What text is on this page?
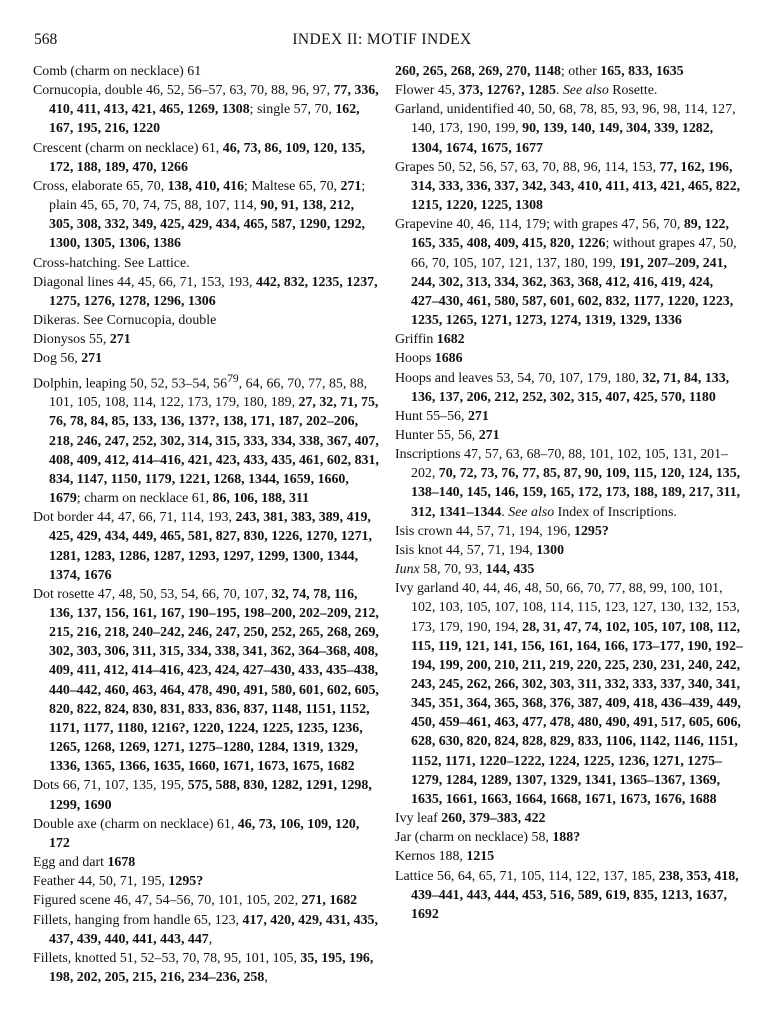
568	INDEX II: MOTIF INDEX
Comb (charm on necklace) 61
Cornucopia, double 46, 52, 56–57, 63, 70, 88, 96, 97, 77, 336, 410, 411, 413, 421, 465, 1269, 1308; single 57, 70, 162, 167, 195, 216, 1220
Crescent (charm on necklace) 61, 46, 73, 86, 109, 120, 135, 172, 188, 189, 470, 1266
Cross, elaborate 65, 70, 138, 410, 416; Maltese 65, 70, 271; plain 45, 65, 70, 74, 75, 88, 107, 114, 90, 91, 138, 212, 305, 308, 332, 349, 425, 429, 434, 465, 587, 1290, 1292, 1300, 1305, 1306, 1386
Cross-hatching. See Lattice.
Diagonal lines 44, 45, 66, 71, 153, 193, 442, 832, 1235, 1237, 1275, 1276, 1278, 1296, 1306
Dikeras. See Cornucopia, double
Dionysos 55, 271
Dog 56, 271
Dolphin, leaping 50, 52, 53–54, $56^{79}$, 64, 66, 70, 77, 85, 88, 101, 105, 108, 114, 122, 173, 179, 180, 189, 27, 32, 71, 75, 76, 78, 84, 85, 133, 136, 137?, 138, 171, 187, 202–206, 218, 246, 247, 252, 302, 314, 315, 333, 334, 338, 367, 407, 408, 409, 412, 414–416, 421, 423, 433, 435, 461, 602, 831, 834, 1147, 1150, 1179, 1221, 1268, 1344, 1659, 1660, 1679; charm on necklace 61, 86, 106, 188, 311
Dot border 44, 47, 66, 71, 114, 193, 243, 381, 383, 389, 419, 425, 429, 434, 449, 465, 581, 827, 830, 1226, 1270, 1271, 1281, 1283, 1286, 1287, 1293, 1297, 1299, 1300, 1344, 1374, 1676
Dot rosette 47, 48, 50, 53, 54, 66, 70, 107, 32, 74, 78, 116, 136, 137, 156, 161, 167, 190–195, 198–200, 202–209, 212, 215, 216, 218, 240–242, 246, 247, 250, 252, 265, 268, 269, 302, 303, 306, 311, 315, 334, 338, 341, 362, 364–368, 408, 409, 411, 412, 414–416, 423, 424, 427–430, 433, 435–438, 440–442, 460, 463, 464, 478, 490, 491, 580, 601, 602, 605, 820, 822, 824, 830, 831, 833, 836, 837, 1148, 1151, 1152, 1171, 1177, 1180, 1216?, 1220, 1224, 1225, 1235, 1236, 1265, 1268, 1269, 1271, 1275–1280, 1284, 1319, 1329, 1336, 1365, 1366, 1635, 1660, 1671, 1673, 1675, 1682
Dots 66, 71, 107, 135, 195, 575, 588, 830, 1282, 1291, 1298, 1299, 1690
Double axe (charm on necklace) 61, 46, 73, 106, 109, 120, 172
Egg and dart 1678
Feather 44, 50, 71, 195, 1295?
Figured scene 46, 47, 54–56, 70, 101, 105, 202, 271, 1682
Fillets, hanging from handle 65, 123, 417, 420, 429, 431, 435, 437, 439, 440, 441, 443, 447,
Fillets, knotted 51, 52–53, 70, 78, 95, 101, 105, 35, 195, 196, 198, 202, 205, 215, 216, 234–236, 258,
260, 265, 268, 269, 270, 1148; other 165, 833, 1635
Flower 45, 373, 1276?, 1285. See also Rosette.
Garland, unidentified 40, 50, 68, 78, 85, 93, 96, 98, 114, 127, 140, 173, 190, 199, 90, 139, 140, 149, 304, 339, 1282, 1304, 1674, 1675, 1677
Grapes 50, 52, 56, 57, 63, 70, 88, 96, 114, 153, 77, 162, 196, 314, 333, 336, 337, 342, 343, 410, 411, 413, 421, 465, 822, 1215, 1220, 1225, 1308
Grapevine 40, 46, 114, 179; with grapes 47, 56, 70, 89, 122, 165, 335, 408, 409, 415, 820, 1226; without grapes 47, 50, 66, 70, 105, 107, 121, 137, 180, 199, 191, 207–209, 241, 244, 302, 313, 334, 362, 363, 368, 412, 416, 419, 424, 427–430, 461, 580, 587, 601, 602, 832, 1177, 1220, 1223, 1235, 1265, 1271, 1273, 1274, 1319, 1329, 1336
Griffin 1682
Hoops 1686
Hoops and leaves 53, 54, 70, 107, 179, 180, 32, 71, 84, 133, 136, 137, 206, 212, 252, 302, 315, 407, 425, 570, 1180
Hunt 55–56, 271
Hunter 55, 56, 271
Inscriptions 47, 57, 63, 68–70, 88, 101, 102, 105, 131, 201–202, 70, 72, 73, 76, 77, 85, 87, 90, 109, 115, 120, 124, 135, 138–140, 145, 146, 159, 165, 172, 173, 188, 189, 217, 311, 312, 1341–1344. See also Index of Inscriptions.
Isis crown 44, 57, 71, 194, 196, 1295?
Isis knot 44, 57, 71, 194, 1300
Iunx 58, 70, 93, 144, 435
Ivy garland 40, 44, 46, 48, 50, 66, 70, 77, 88, 99, 100, 101, 102, 103, 105, 107, 108, 114, 115, 123, 127, 130, 132, 153, 173, 179, 190, 194, 28, 31, 47, 74, 102, 105, 107, 108, 112, 115, 119, 121, 141, 156, 161, 164, 166, 173–177, 190, 192–194, 199, 200, 210, 211, 219, 220, 225, 230, 231, 240, 242, 243, 245, 262, 266, 302, 303, 311, 332, 333, 337, 340, 341, 345, 351, 364, 365, 368, 376, 387, 409, 418, 436–439, 449, 450, 459–461, 463, 477, 478, 480, 490, 491, 517, 605, 606, 628, 630, 820, 824, 828, 829, 833, 1106, 1142, 1146, 1151, 1152, 1171, 1220–1222, 1224, 1225, 1236, 1271, 1275–1279, 1284, 1289, 1307, 1329, 1341, 1365–1367, 1369, 1635, 1661, 1663, 1664, 1668, 1671, 1673, 1676, 1688
Ivy leaf 260, 379–383, 422
Jar (charm on necklace) 58, 188?
Kernos 188, 1215
Lattice 56, 64, 65, 71, 105, 114, 122, 137, 185, 238, 353, 418, 439–441, 443, 444, 453, 516, 589, 619, 835, 1213, 1637, 1692
